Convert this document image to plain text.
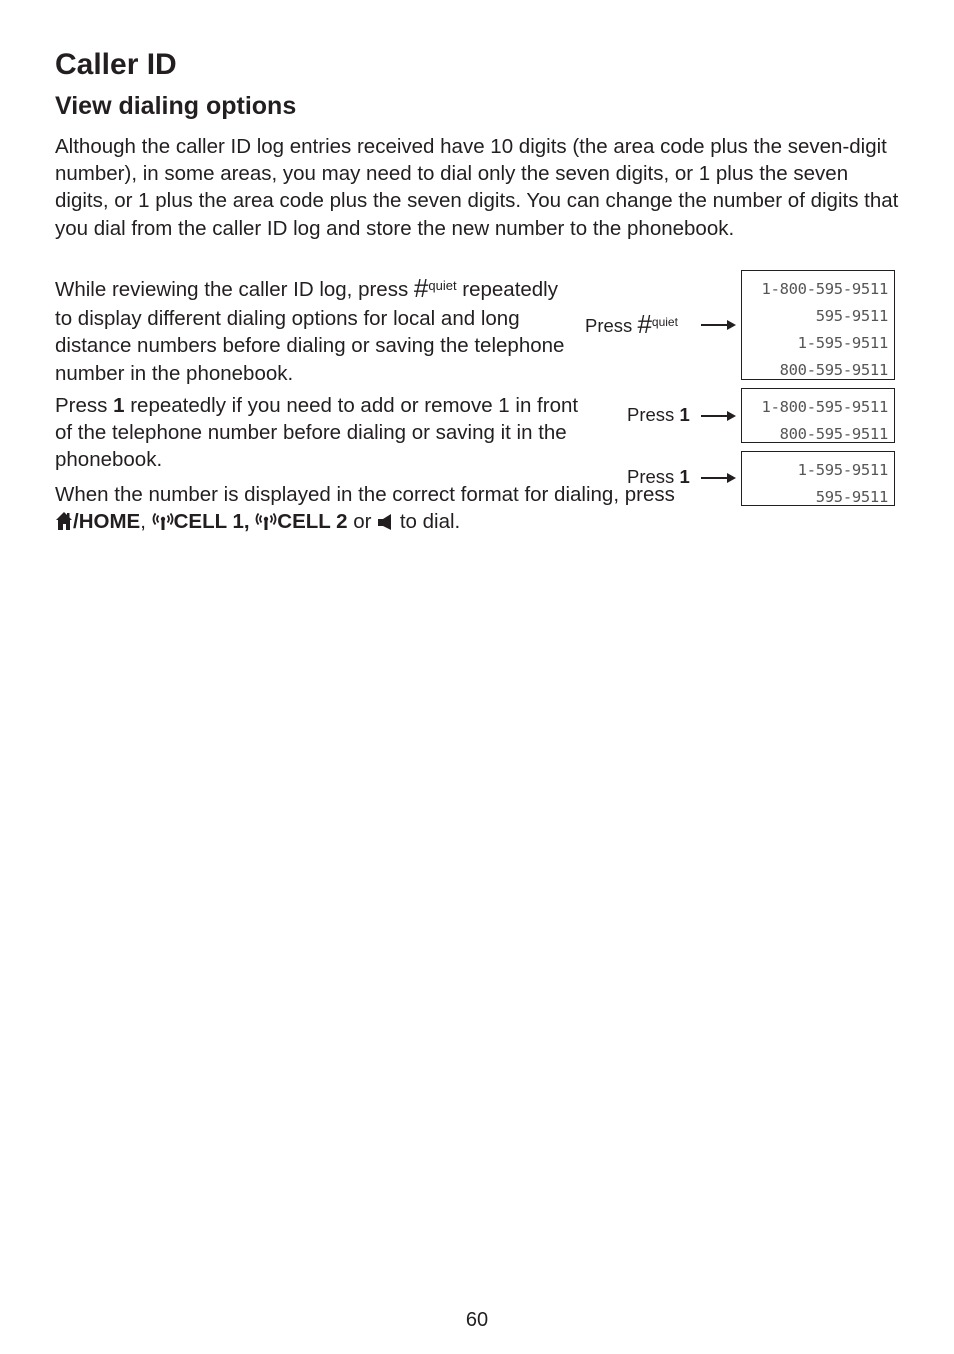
Caller ID
View dialing options
Although the caller ID log entries received have 10 digits (the area code plus the seven-digit number), in some areas, you may need to dial only the seven digits, or 1 plus the seven digits, or 1 plus the area code plus the seven digits. You can change the number of digits that you dial from the caller ID log and store the new number to the phonebook.
While reviewing the caller ID log, press #$^{quiet}$ repeatedly to display different dialing options for local and long distance numbers before dialing or saving the telephone number in the phonebook.
Press 1 repeatedly if you need to add or remove 1 in front of the telephone number before dialing or saving it in the phonebook.
When the number is displayed in the correct format for dialing, press /HOME, CELL 1, CELL 2 or  to dial.
Press #$^{quiet}$
Press 1
Press 1
1-800-595-9511
595-9511
1-595-9511
800-595-9511
1-800-595-9511
800-595-9511
1-595-9511
595-9511
60
